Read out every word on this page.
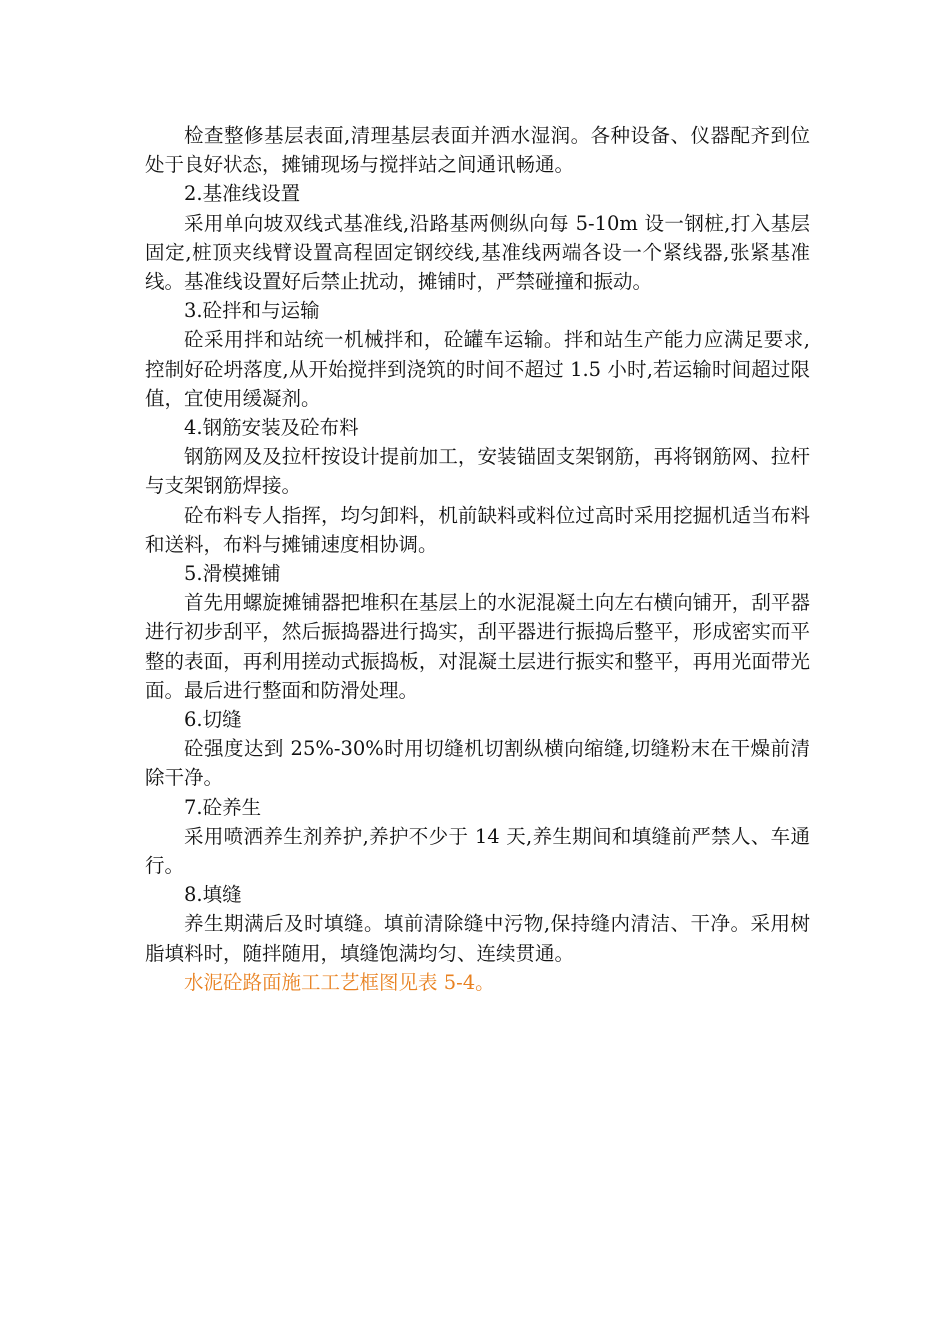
检查整修基层表面,清理基层表面并洒水湿润。各种设备、仪器配齐到位处于良好状态，摊铺现场与搅拌站之间通讯畅通。

2.基准线设置

采用单向坡双线式基准线,沿路基两侧纵向每 5-10m 设一钢桩,打入基层固定,桩顶夹线臂设置高程固定钢绞线,基准线两端各设一个紧线器,张紧基准线。基准线设置好后禁止扰动，摊铺时，严禁碰撞和振动。

3.砼拌和与运输

砼采用拌和站统一机械拌和，砼罐车运输。拌和站生产能力应满足要求,控制好砼坍落度,从开始搅拌到浇筑的时间不超过 1.5 小时,若运输时间超过限值，宜使用缓凝剂。

4.钢筋安装及砼布料

钢筋网及及拉杆按设计提前加工，安装锚固支架钢筋，再将钢筋网、拉杆与支架钢筋焊接。

砼布料专人指挥，均匀卸料，机前缺料或料位过高时采用挖掘机适当布料和送料，布料与摊铺速度相协调。

5.滑模摊铺

首先用螺旋摊铺器把堆积在基层上的水泥混凝土向左右横向铺开，刮平器进行初步刮平，然后振捣器进行捣实，刮平器进行振捣后整平，形成密实而平整的表面，再利用搓动式振捣板，对混凝土层进行振实和整平，再用光面带光面。最后进行整面和防滑处理。

6.切缝

砼强度达到 25%-30%时用切缝机切割纵横向缩缝,切缝粉末在干燥前清除干净。

7.砼养生

采用喷洒养生剂养护,养护不少于 14 天,养生期间和填缝前严禁人、车通行。

8.填缝

养生期满后及时填缝。填前清除缝中污物,保持缝内清洁、干净。采用树脂填料时，随拌随用，填缝饱满均匀、连续贯通。

水泥砼路面施工工艺框图见表 5-4。
